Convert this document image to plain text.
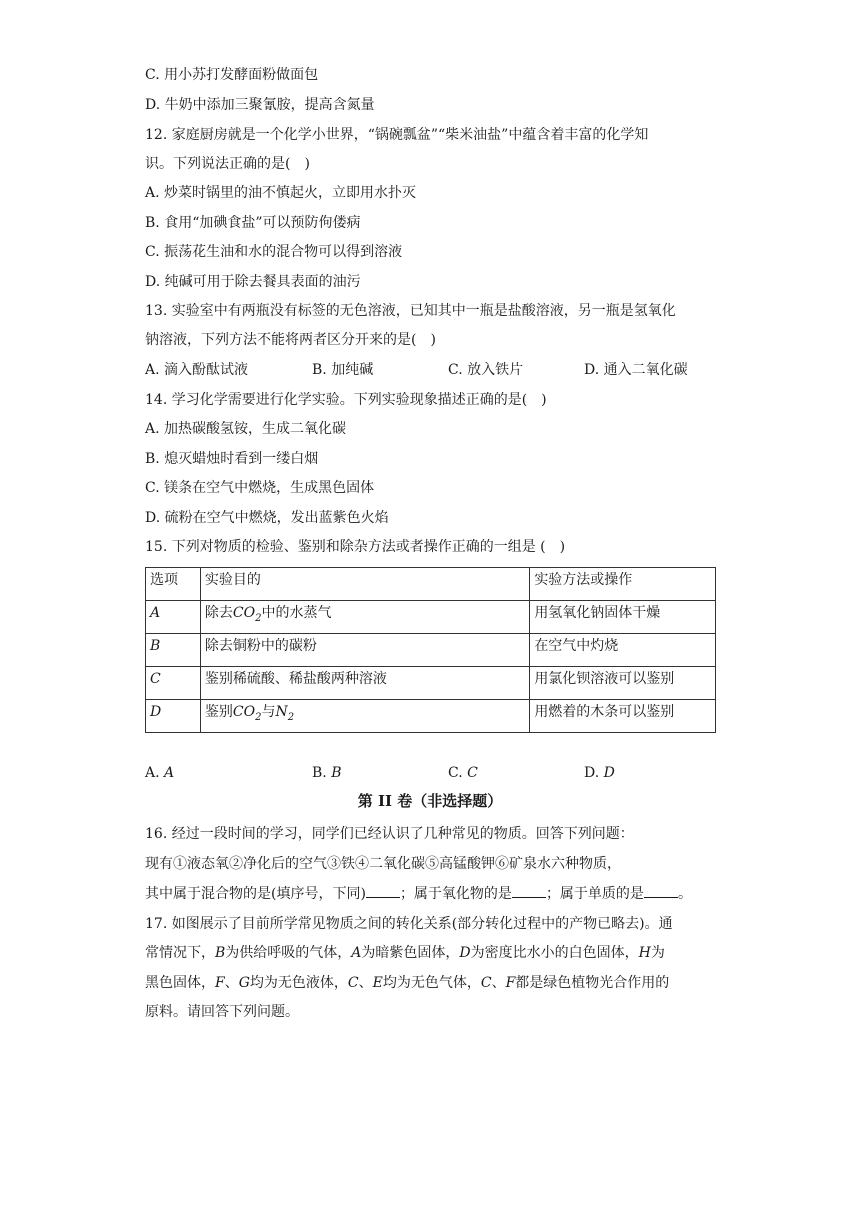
C. 用小苏打发酵面粉做面包
D. 牛奶中添加三聚氰胺，提高含氮量
12. 家庭厨房就是一个化学小世界，“锅碗瓢盆”“柴米油盐”中蕴含着丰富的化学知
识。下列说法正确的是(　)
A. 炒菜时锅里的油不慎起火，立即用水扑灭
B. 食用“加碘食盐”可以预防佝偻病
C. 振荡花生油和水的混合物可以得到溶液
D. 纯碱可用于除去餐具表面的油污
13. 实验室中有两瓶没有标签的无色溶液，已知其中一瓶是盐酸溶液，另一瓶是氢氧化
钠溶液，下列方法不能将两者区分开来的是(　)
A. 滴入酚酞试液	B. 加纯碱	C. 放入铁片	D. 通入二氧化碳
14. 学习化学需要进行化学实验。下列实验现象描述正确的是(　)
A. 加热碳酸氢铵，生成二氧化碳
B. 熄灭蜡烛时看到一缕白烟
C. 镁条在空气中燃烧，生成黑色固体
D. 硫粉在空气中燃烧，发出蓝紫色火焰
15. 下列对物质的检验、鉴别和除杂方法或者操作正确的一组是 (　)
选项	实验目的	实验方法或操作
A	除去$CO_2$中的水蒸气	用氢氧化钠固体干燥
B	除去铜粉中的碳粉	在空气中灼烧
C	鉴别稀硫酸、稀盐酸两种溶液	用氯化钡溶液可以鉴别
D	鉴别$CO_2$与$N_2$	用燃着的木条可以鉴别
A. A	B. B	C. C	D. D
第 II 卷（非选择题）
16. 经过一段时间的学习，同学们已经认识了几种常见的物质。回答下列问题：
现有①液态氧②净化后的空气③铁④二氧化碳⑤高锰酸钾⑥矿泉水六种物质，
其中属于混合物的是(填序号，下同) ；属于氧化物的是 ；属于单质的是 。
17. 如图展示了目前所学常见物质之间的转化关系(部分转化过程中的产物已略去)。通
常情况下，B为供给呼吸的气体，A为暗紫色固体，D为密度比水小的白色固体，H为
黑色固体，F、G均为无色液体，C、E均为无色气体，C、F都是绿色植物光合作用的
原料。请回答下列问题。
